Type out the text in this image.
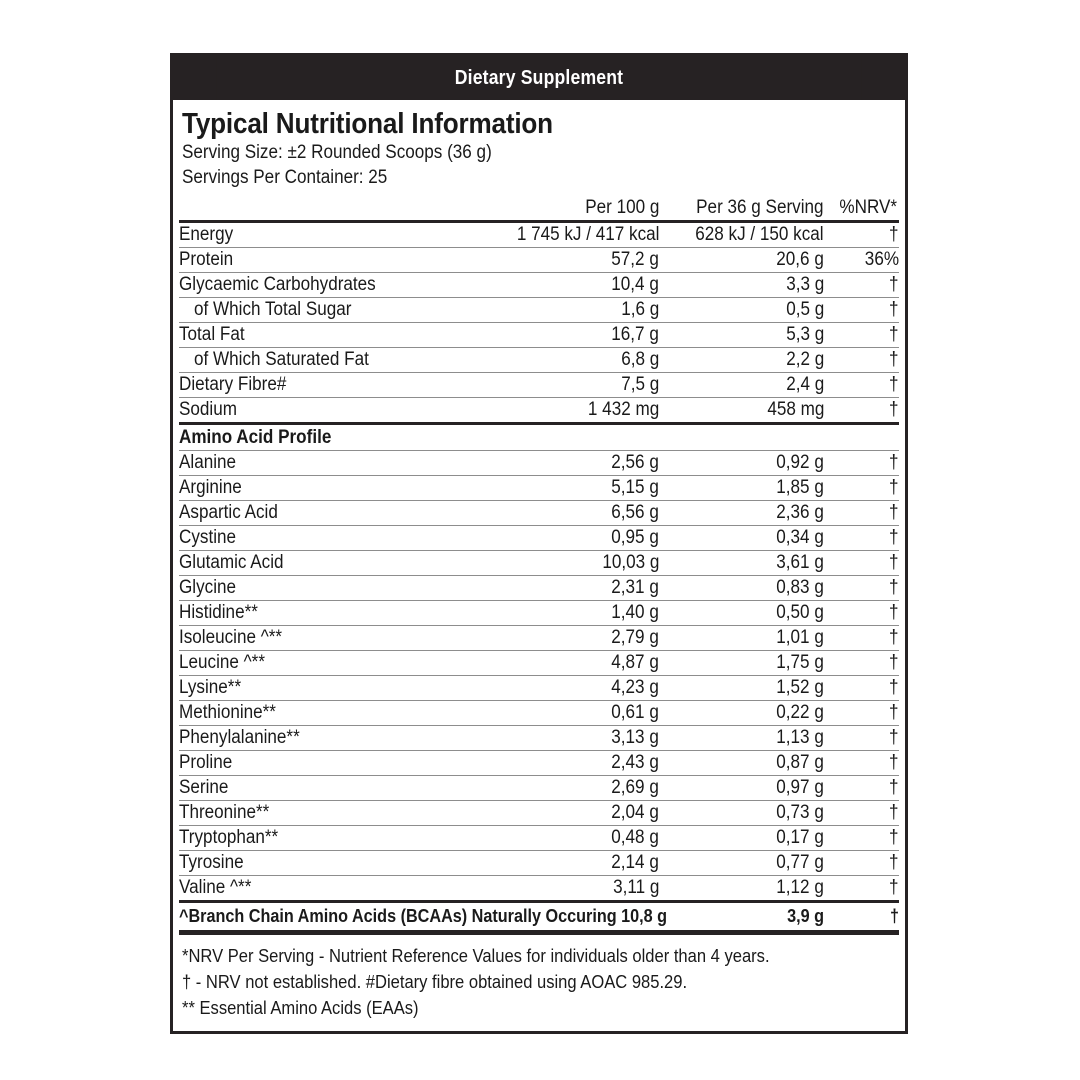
Dietary Supplement
Typical Nutritional Information
Serving Size: ±2 Rounded Scoops (36 g)
Servings Per Container: 25
	Per 100 g	Per 36 g Serving	%NRV*
Energy	1 745 kJ / 417 kcal	628 kJ / 150 kcal	†
Protein	57,2 g	20,6 g	36%
Glycaemic Carbohydrates	10,4 g	3,3 g	†
of Which Total Sugar	1,6 g	0,5 g	†
Total Fat	16,7 g	5,3 g	†
of Which Saturated Fat	6,8 g	2,2 g	†
Dietary Fibre#	7,5 g	2,4 g	†
Sodium	1 432 mg	458 mg	†
Amino Acid Profile			
Alanine	2,56 g	0,92 g	†
Arginine	5,15 g	1,85 g	†
Aspartic Acid	6,56 g	2,36 g	†
Cystine	0,95 g	0,34 g	†
Glutamic Acid	10,03 g	3,61 g	†
Glycine	2,31 g	0,83 g	†
Histidine**	1,40 g	0,50 g	†
Isoleucine ^**	2,79 g	1,01 g	†
Leucine ^**	4,87 g	1,75 g	†
Lysine**	4,23 g	1,52 g	†
Methionine**	0,61 g	0,22 g	†
Phenylalanine**	3,13 g	1,13 g	†
Proline	2,43 g	0,87 g	†
Serine	2,69 g	0,97 g	†
Threonine**	2,04 g	0,73 g	†
Tryptophan**	0,48 g	0,17 g	†
Tyrosine	2,14 g	0,77 g	†
Valine ^**	3,11 g	1,12 g	†
^Branch Chain Amino Acids (BCAAs) Naturally Occuring 10,8 g		3,9 g	†
*NRV Per Serving - Nutrient Reference Values for individuals older than 4 years.
† - NRV not established. #Dietary fibre obtained using AOAC 985.29.
** Essential Amino Acids (EAAs)
